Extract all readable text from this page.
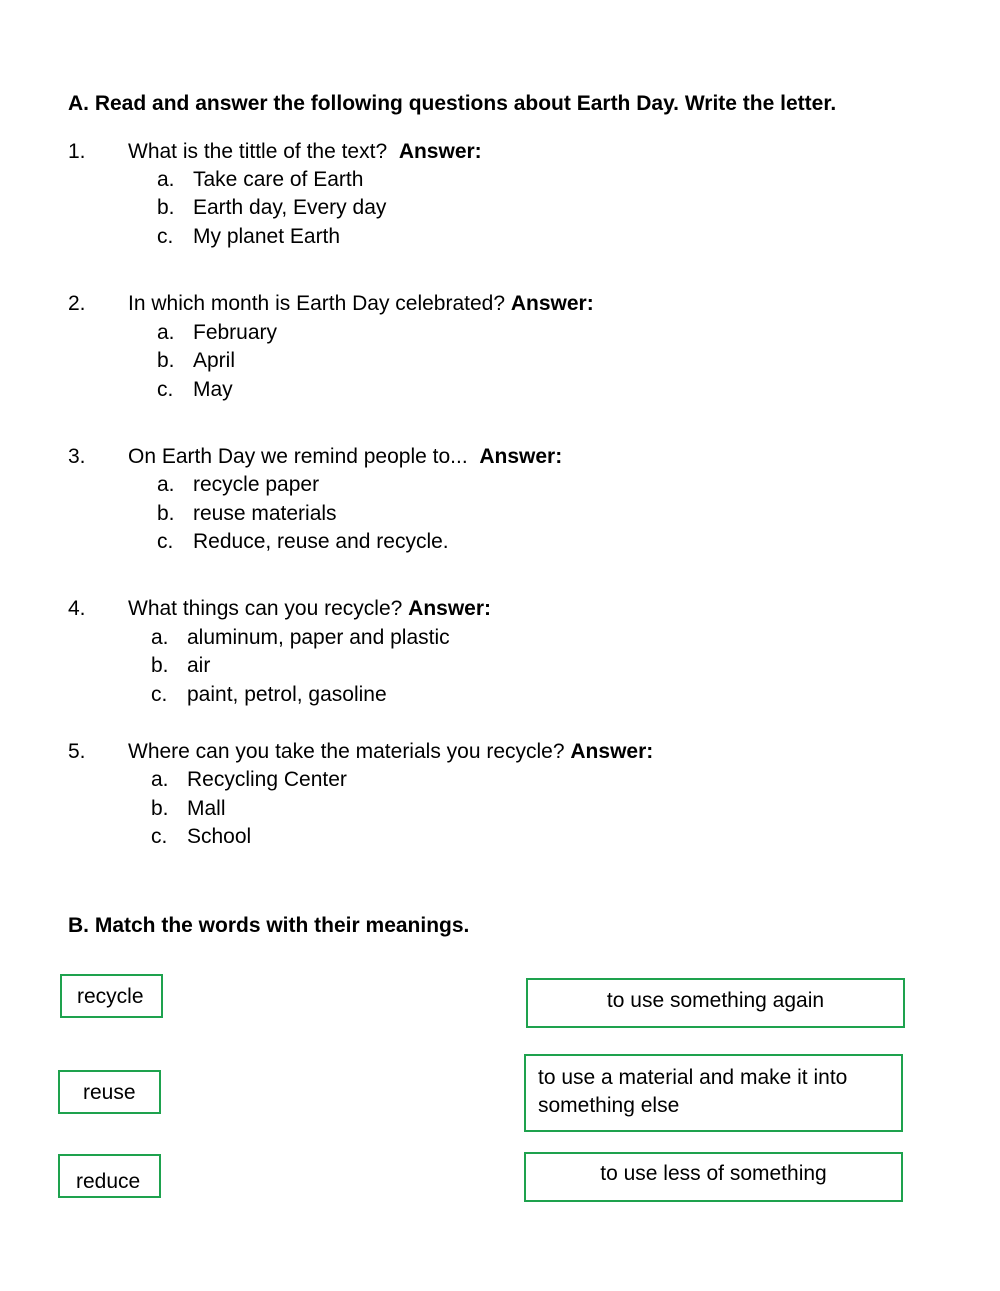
A. Read and answer the following questions about Earth Day. Write the letter.
1. What is the tittle of the text? Answer:
a. Take care of Earth
b. Earth day, Every day
c. My planet Earth
2. In which month is Earth Day celebrated? Answer:
a. February
b. April
c. May
3. On Earth Day we remind people to... Answer:
a. recycle paper
b. reuse materials
c. Reduce, reuse and recycle.
4. What things can you recycle? Answer:
a. aluminum, paper and plastic
b. air
c. paint, petrol, gasoline
5. Where can you take the materials you recycle? Answer:
a. Recycling Center
b. Mall
c. School
B. Match the words with their meanings.
recycle
reuse
reduce
to use something again
to use a material and make it into something else
to use less of something
